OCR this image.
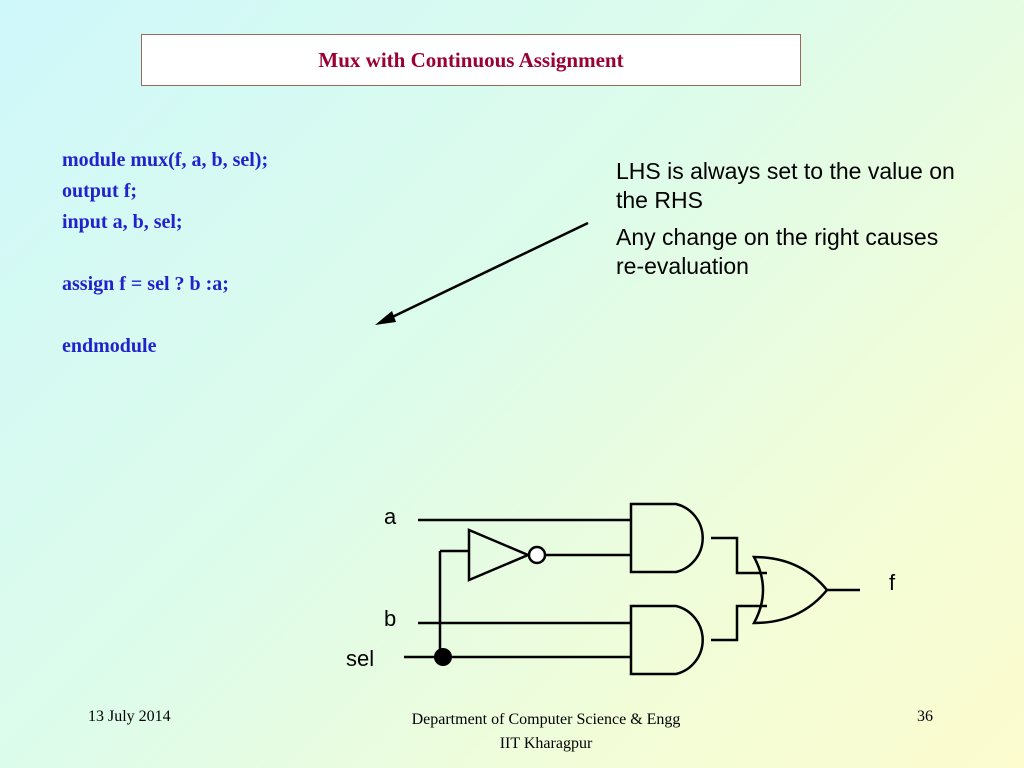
Mux with Continuous Assignment
module mux(f, a, b, sel);
output f;
input a, b, sel;
assign f = sel ? b :a;
endmodule

LHS is always set to the value on the RHS

Any change on the right causes re-evaluation

a
b
sel
f
13 July 2014	Department of Computer Science & Engg
IIT Kharagpur
36
